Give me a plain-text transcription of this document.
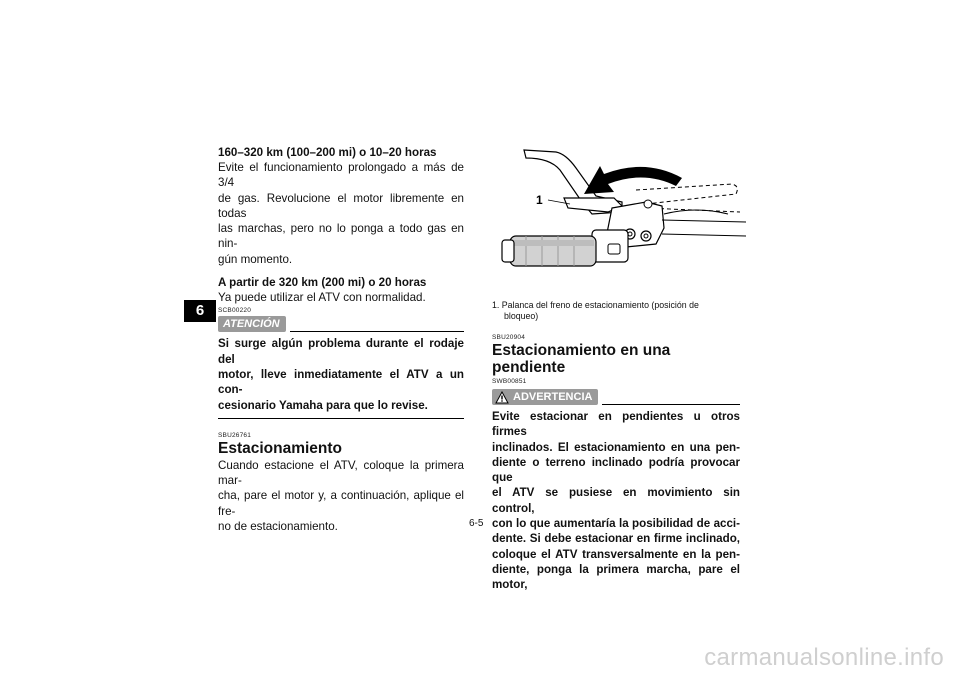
6

160–320 km (100–200 mi) o 10–20 horas

Evite el funcionamiento prolongado a más de 3/4
de gas. Revolucione el motor libremente en todas
las marchas, pero no lo ponga a todo gas en nin-
gún momento.

A partir de 320 km (200 mi) o 20 horas

Ya puede utilizar el ATV con normalidad.

SCB00220

ATENCIÓN
Si surge algún problema durante el rodaje del
motor, lleve inmediatamente el ATV a un con-
cesionario Yamaha para que lo revise.

SBU26761

Estacionamiento

Cuando estacione el ATV, coloque la primera mar-
cha, pare el motor y, a continuación, aplique el fre-
no de estacionamiento.

1

1. Palanca del freno de estacionamiento (posición de

bloqueo)

SBU20904

Estacionamiento en una pendiente

SWB00851

ADVERTENCIA
Evite estacionar en pendientes u otros firmes
inclinados. El estacionamiento en una pen-
diente o terreno inclinado podría provocar que
el ATV se pusiese en movimiento sin control,
con lo que aumentaría la posibilidad de acci-
dente. Si debe estacionar en firme inclinado,
coloque el ATV transversalmente en la pen-
diente, ponga la primera marcha, pare el motor,
6-5
carmanualsonline.info
